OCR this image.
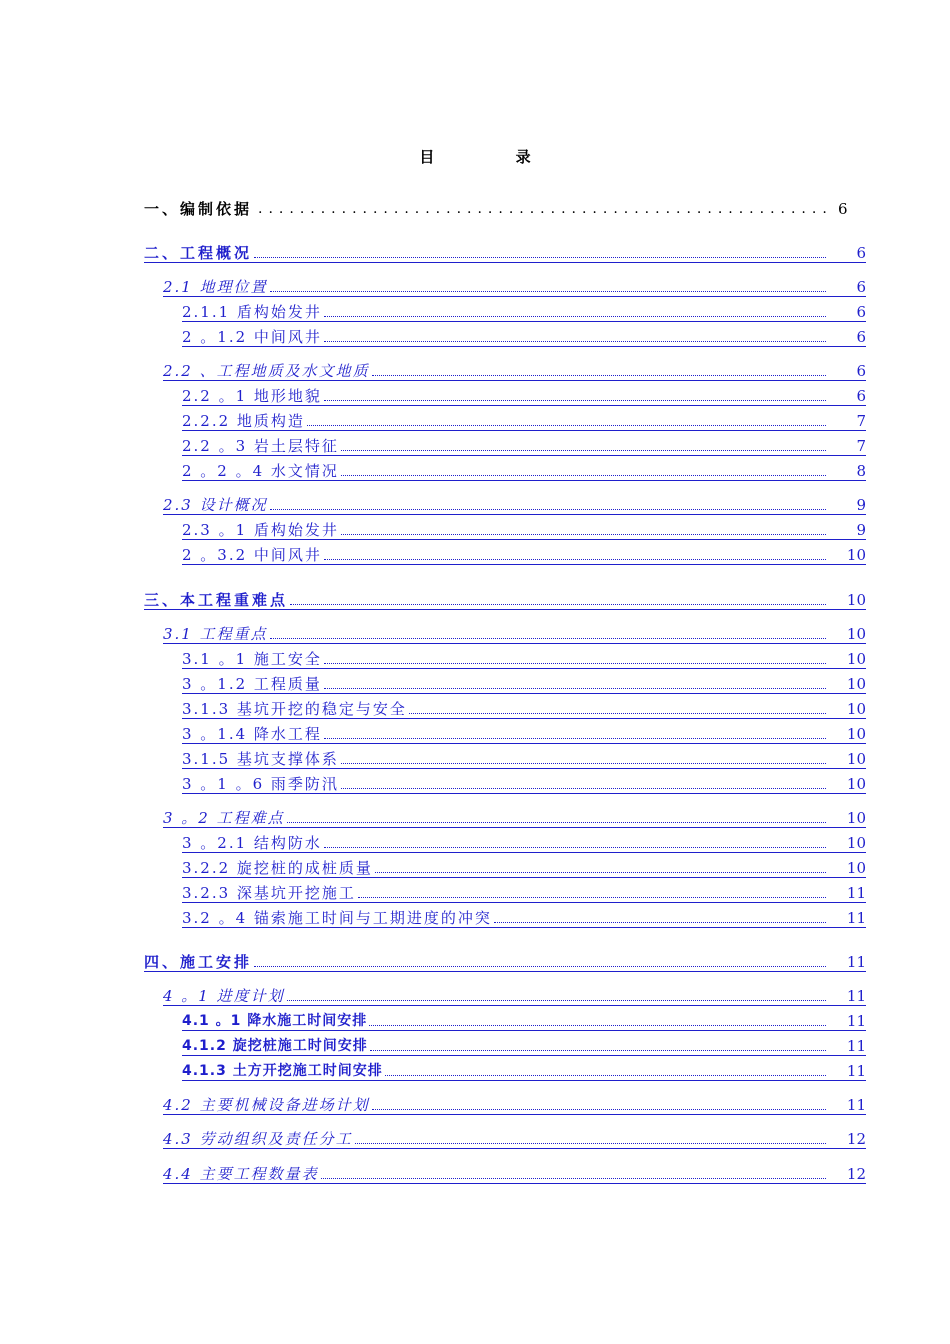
目 录
一、编制依据 .....	6
二、工程概况	6
2.1 地理位置	6
2.1.1 盾构始发井	6
2 。1.2 中间风井	6
2.2 、工程地质及水文地质	6
2.2 。1 地形地貌	6
2.2.2 地质构造	7
2.2 。3 岩土层特征	7
2 。2 。4 水文情况	8
2.3 设计概况	9
2.3 。1 盾构始发井	9
2 。3.2 中间风井	10
三、本工程重难点	10
3.1 工程重点	10
3.1 。1 施工安全	10
3 。1.2 工程质量	10
3.1.3 基坑开挖的稳定与安全	10
3 。1.4 降水工程	10
3.1.5 基坑支撑体系	10
3 。1 。6 雨季防汛	10
3 。2 工程难点	10
3 。2.1 结构防水	10
3.2.2 旋挖桩的成桩质量	10
3.2.3 深基坑开挖施工	11
3.2 。4 锚索施工时间与工期进度的冲突	11
四、施工安排	11
4 。1 进度计划	11
4.1 。1 降水施工时间安排	11
4.1.2 旋挖桩施工时间安排	11
4.1.3 土方开挖施工时间安排	11
4.2 主要机械设备进场计划	11
4.3 劳动组织及责任分工	12
4.4 主要工程数量表	12
